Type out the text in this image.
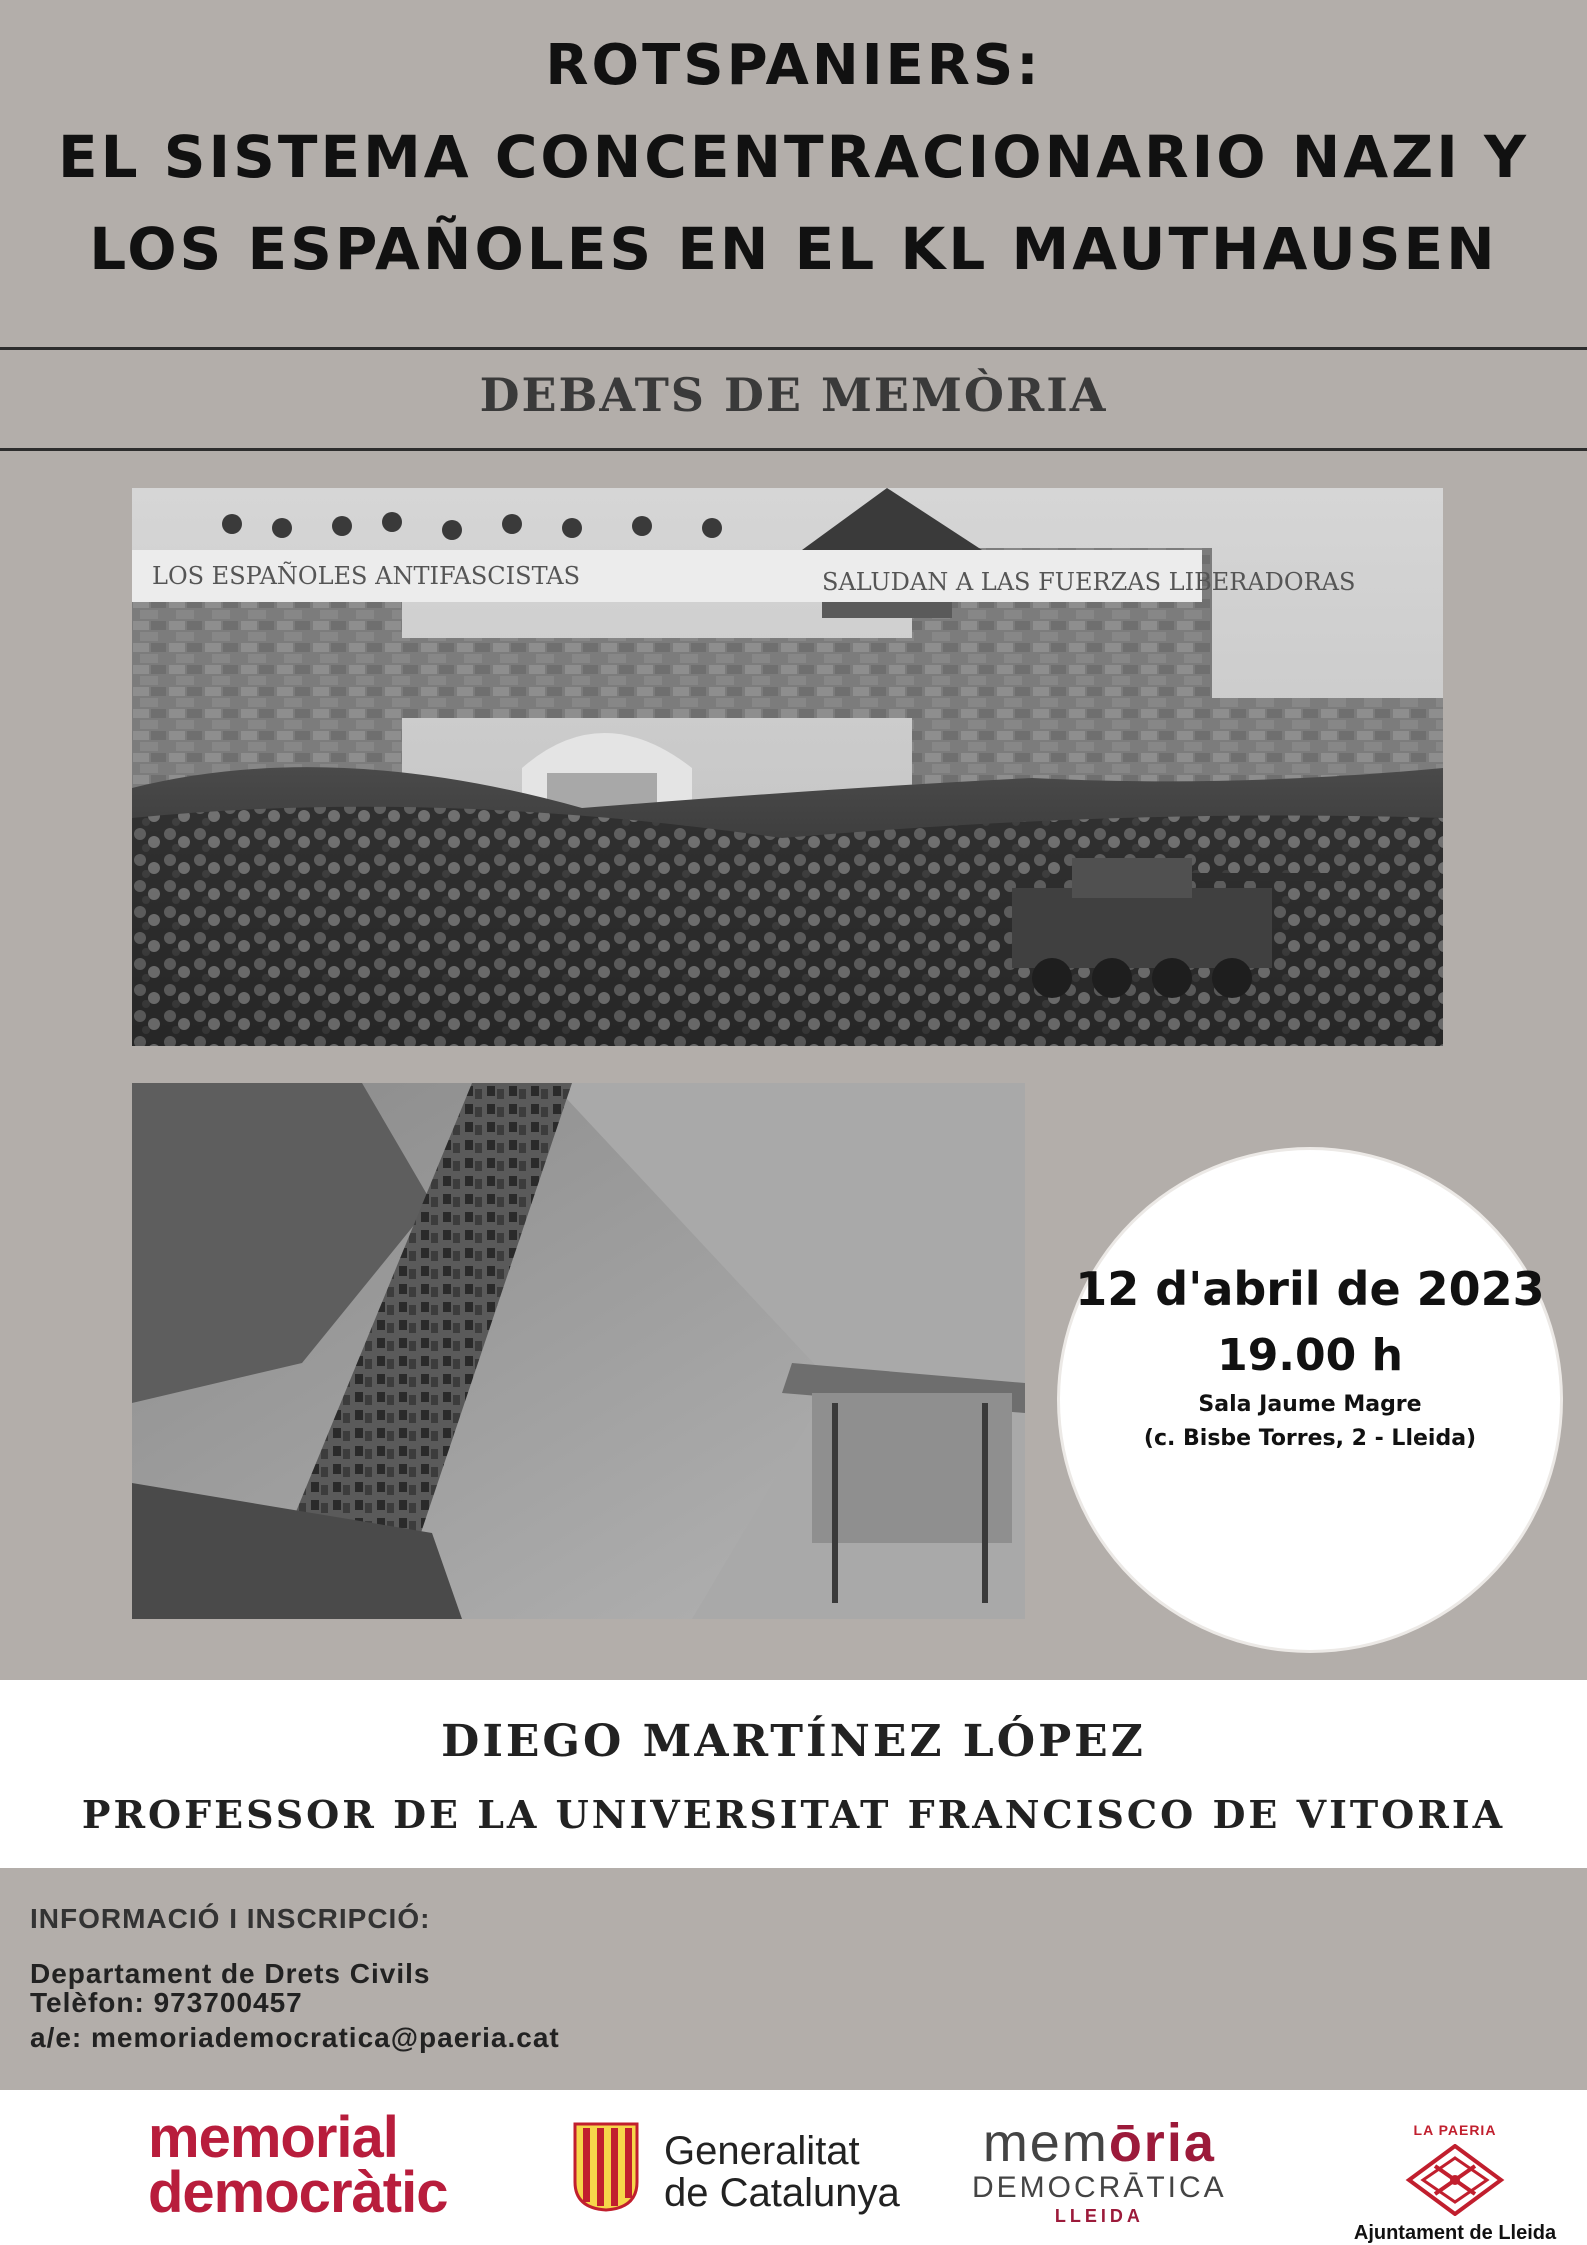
ROTSPANIERS:
EL SISTEMA CONCENTRACIONARIO NAZI Y
LOS ESPAÑOLES EN EL KL MAUTHAUSEN
DEBATS DE MEMÒRIA
LOS ESPAÑOLES ANTIFASCISTAS	SALUDAN A LAS FUERZAS LIBERADORAS
12 d'abril de 2023
19.00 h
Sala Jaume Magre
(c. Bisbe Torres, 2 - Lleida)
DIEGO MARTÍNEZ LÓPEZ
PROFESSOR DE LA UNIVERSITAT FRANCISCO DE VITORIA
INFORMACIÓ I INSCRIPCIÓ:
Departament de Drets Civils
Telèfon: 973700457
a/e: memoriademocratica@paeria.cat
memorial
democràtic
Generalitat
de Catalunya
memōria
DEMOCRĀTICA
LLEIDA
LA PAERIA
Ajuntament de Lleida
